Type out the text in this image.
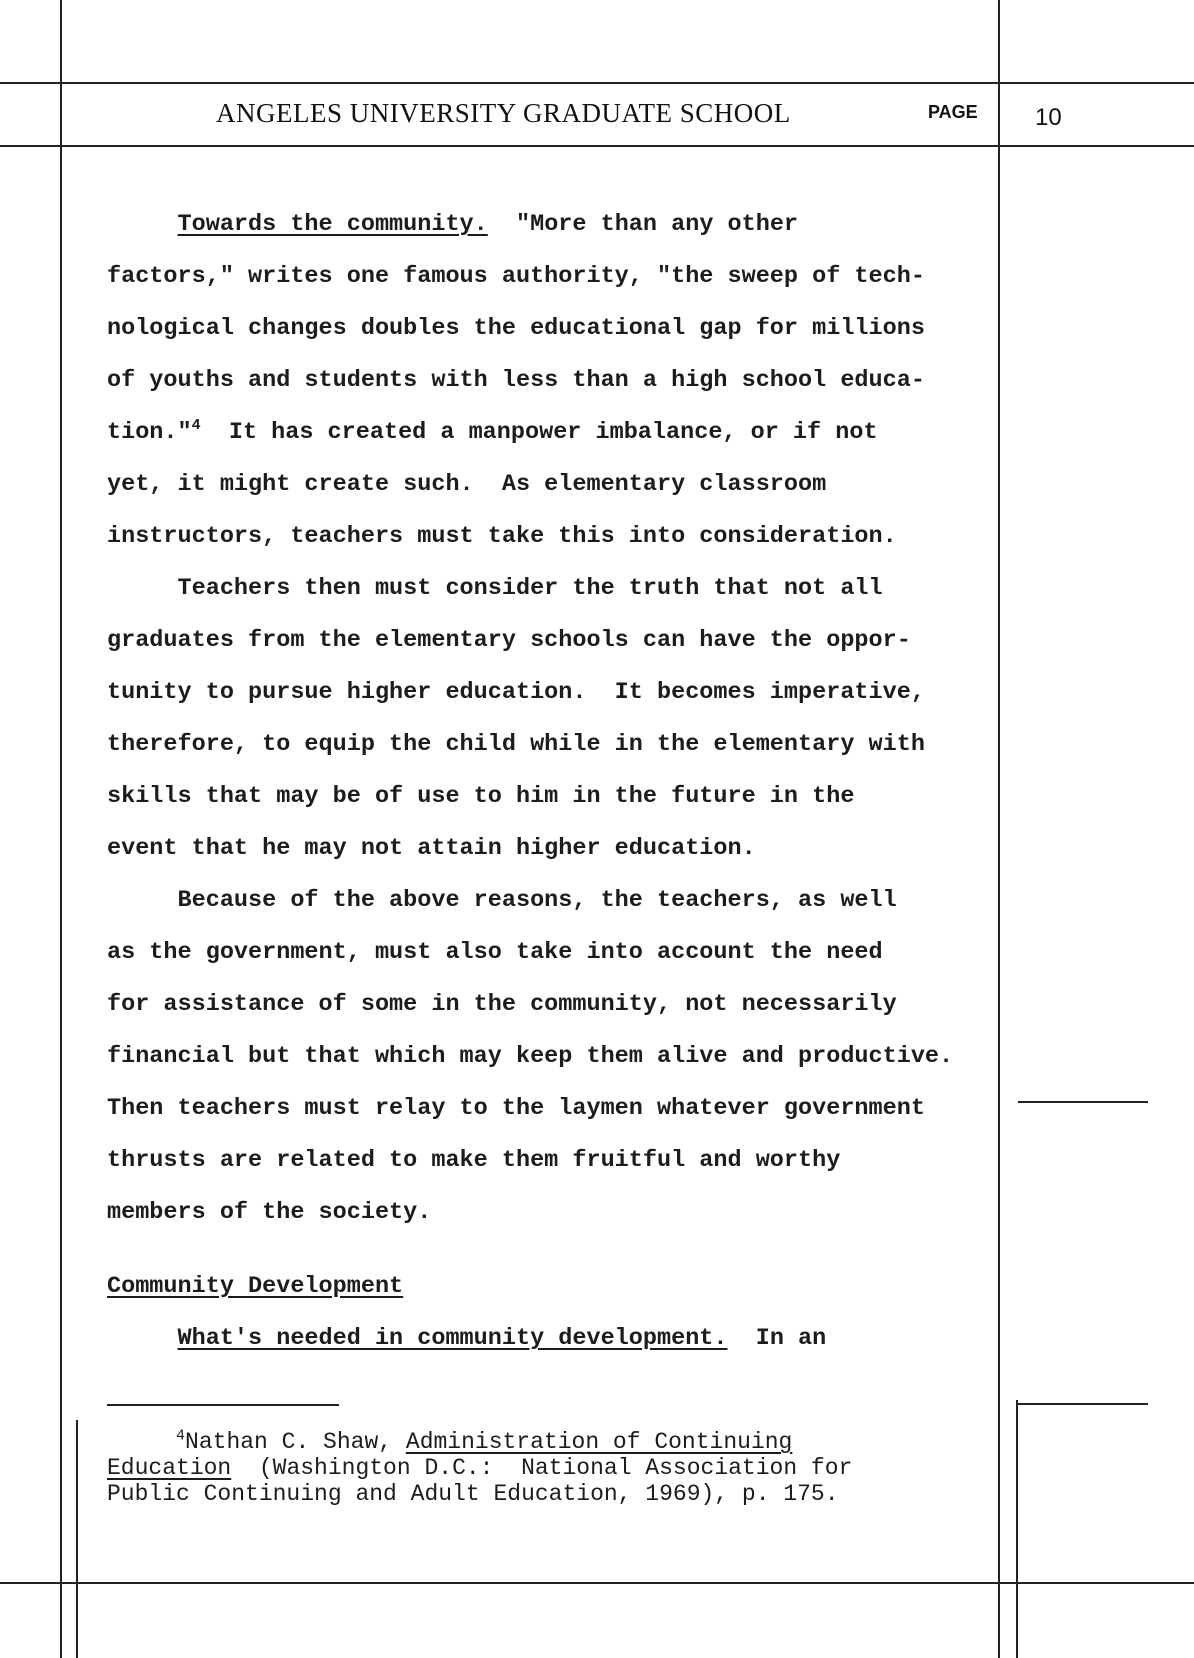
ANGELES UNIVERSITY GRADUATE SCHOOL	PAGE 10
Towards the community.  "More than any other
factors," writes one famous authority, "the sweep of tech-
nological changes doubles the educational gap for millions
of youths and students with less than a high school educa-
tion."$^4$  It has created a manpower imbalance, or if not
yet, it might create such.  As elementary classroom
instructors, teachers must take this into consideration.
Teachers then must consider the truth that not all
graduates from the elementary schools can have the oppor-
tunity to pursue higher education.  It becomes imperative,
therefore, to equip the child while in the elementary with
skills that may be of use to him in the future in the
event that he may not attain higher education.
Because of the above reasons, the teachers, as well
as the government, must also take into account the need
for assistance of some in the community, not necessarily
financial but that which may keep them alive and productive.
Then teachers must relay to the laymen whatever government
thrusts are related to make them fruitful and worthy
members of the society.
Community Development
What's needed in community development.  In an
$^4$Nathan C. Shaw, Administration of Continuing
Education  (Washington D.C.:  National Association for
Public Continuing and Adult Education, 1969), p. 175.
